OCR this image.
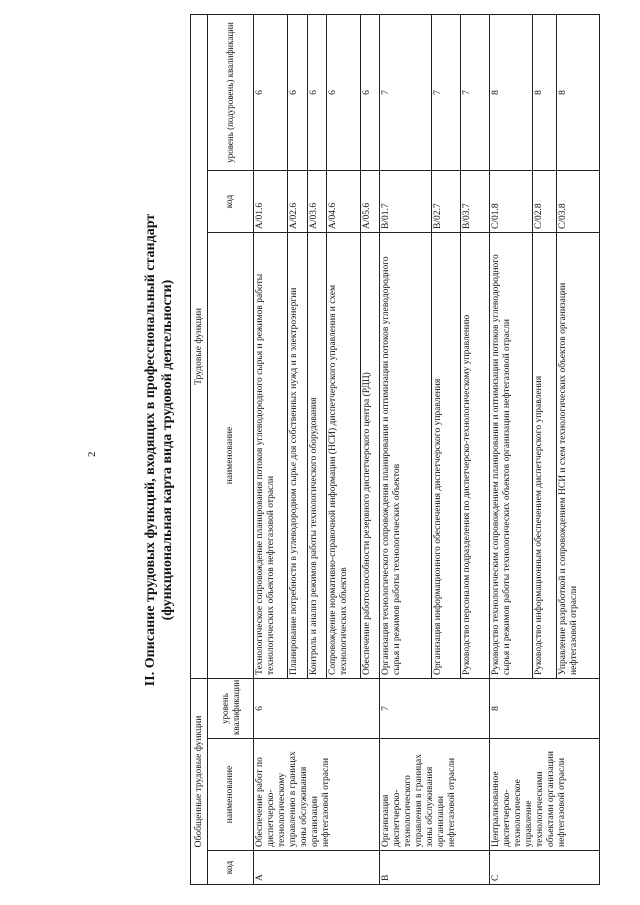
2	II. Описание трудовых функций, входящих в профессиональный стандарт (функциональная карта вида трудовой деятельности)
Обобщенные трудовые функции			Трудовые функции		
код	наименование	уровень квалификации	наименование	код	уровень (подуровень) квалификации
A	Обеспечение работ по диспетчерско-технологическому управлению в границах зоны обслуживания организации нефтегазовой отрасли	6	Технологическое сопровождение планирования потоков углеводородного сырья и режимов работы технологических объектов нефтегазовой отрасли	A/01.6	6
			Планирование потребности в углеводородном сырье для собственных нужд и в электроэнергии	A/02.6	6
			Контроль и анализ режимов работы технологического оборудования	A/03.6	6
			Сопровождение нормативно-справочной информации (НСИ) диспетчерского управления и схем технологических объектов	A/04.6	6
			Обеспечение работоспособности резервного диспетчерского центра (РДЦ)	A/05.6	6
B	Организация диспетчерско-технологического управления в границах зоны обслуживания организации нефтегазовой отрасли	7	Организация технологического сопровождения планирования и оптимизации потоков углеводородного сырья и режимов работы технологических объектов	B/01.7	7
			Организация информационного обеспечения диспетчерского управления	B/02.7	7
			Руководство персоналом подразделения по диспетчерско-технологическому управлению	B/03.7	7
C	Централизованное диспетчерско-технологическое управление технологическими объектами организации нефтегазовой отрасли	8	Руководство технологическим сопровождением планирования и оптимизации потоков углеводородного сырья и режимов работы технологических объектов организации нефтегазовой отрасли	C/01.8	8
			Руководство информационным обеспечением диспетчерского управления	C/02.8	8
			Управление разработкой и сопровождением НСИ и схем технологических объектов организации нефтегазовой отрасли	C/03.8	8
